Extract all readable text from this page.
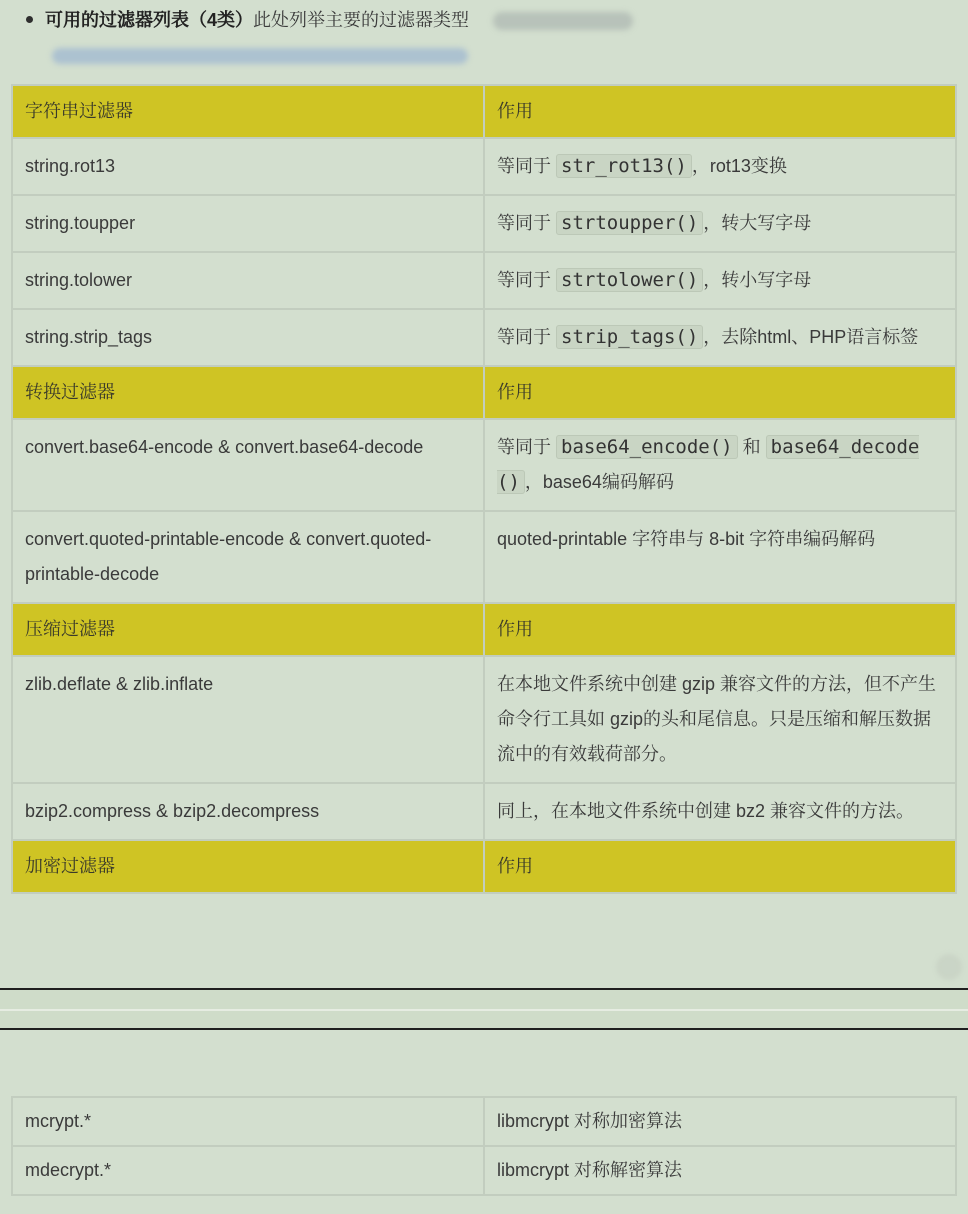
可用的过滤器列表（4类）此处列举主要的过滤器类型
字符串过滤器	作用
string.rot13	等同于 str_rot13() ，rot13变换
string.toupper	等同于 strtoupper() ，转大写字母
string.tolower	等同于 strtolower() ，转小写字母
string.strip_tags	等同于 strip_tags() ，去除html、PHP语言标签
转换过滤器	作用
convert.base64-encode & convert.base64-decode	等同于 base64_encode() 和 base64_decode() ，base64编码解码
convert.quoted-printable-encode & convert.quoted-printable-decode	quoted-printable 字符串与 8-bit 字符串编码解码
压缩过滤器	作用
zlib.deflate & zlib.inflate	在本地文件系统中创建 gzip 兼容文件的方法，但不产生命令行工具如 gzip的头和尾信息。只是压缩和解压数据流中的有效载荷部分。
bzip2.compress & bzip2.decompress	同上，在本地文件系统中创建 bz2 兼容文件的方法。
加密过滤器	作用
mcrypt.*	libmcrypt 对称加密算法
mdecrypt.*	libmcrypt 对称解密算法
